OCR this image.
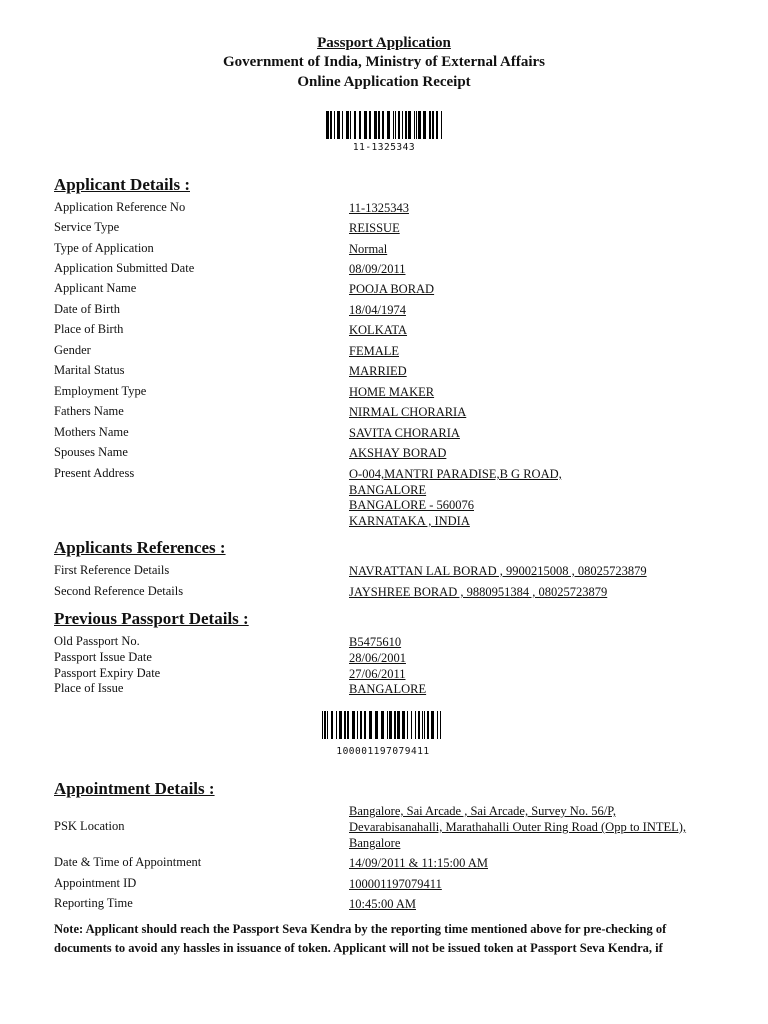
Passport Application
Government of India, Ministry of External Affairs
Online Application Receipt
11-1325343
Applicant Details :
Application Reference No	11-1325343
Service Type	REISSUE
Type of Application	Normal
Application Submitted Date	08/09/2011
Applicant Name	POOJA BORAD
Date of Birth	18/04/1974
Place of Birth	KOLKATA
Gender	FEMALE
Marital Status	MARRIED
Employment Type	HOME MAKER
Fathers Name	NIRMAL CHORARIA
Mothers Name	SAVITA CHORARIA
Spouses Name	AKSHAY BORAD
Present Address	O-004,MANTRI PARADISE,B G ROAD,
BANGALORE
BANGALORE - 560076
KARNATAKA , INDIA
Applicants References :
First Reference Details	NAVRATTAN LAL BORAD , 9900215008 , 08025723879
Second Reference Details	JAYSHREE BORAD , 9880951384 , 08025723879
Previous Passport Details :
Old Passport No.	B5475610
Passport Issue Date	28/06/2001
Passport Expiry Date	27/06/2011
Place of Issue	BANGALORE
100001197079411
Appointment Details :
PSK Location
Bangalore, Sai Arcade , Sai Arcade, Survey No. 56/P,
Devarabisanahalli, Marathahalli Outer Ring Road (Opp to INTEL),
Bangalore
Date & Time of Appointment	14/09/2011 & 11:15:00 AM
Appointment ID	100001197079411
Reporting Time	10:45:00 AM
Note: Applicant should reach the Passport Seva Kendra by the reporting time mentioned above for pre-checking of
documents to avoid any hassles in issuance of token. Applicant will not be issued token at Passport Seva Kendra, if
